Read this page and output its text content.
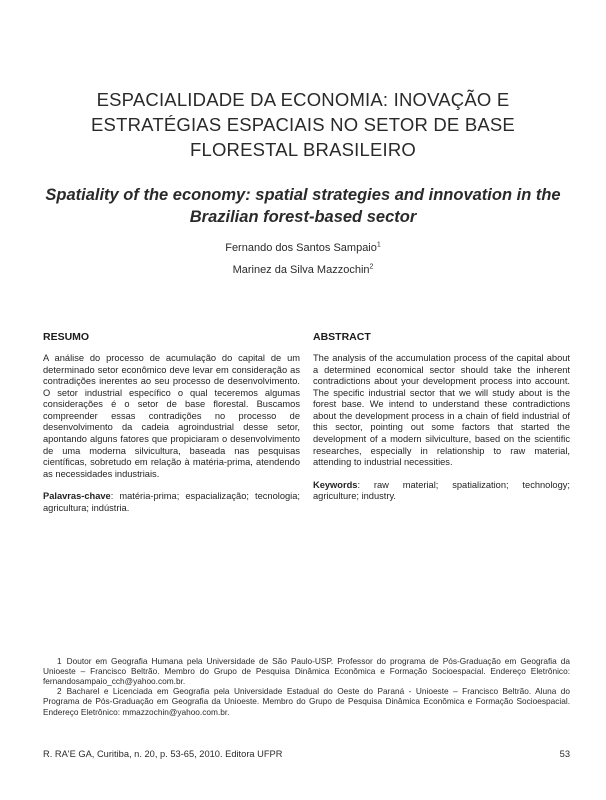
ESPACIALIDADE DA ECONOMIA: INOVAÇÃO E ESTRATÉGIAS ESPACIAIS NO SETOR DE BASE FLORESTAL BRASILEIRO
Spatiality of the economy: spatial strategies and innovation in the Brazilian forest-based sector
Fernando dos Santos Sampaio$^1$
Marinez da Silva Mazzochin$^2$

RESUMO

A análise do processo de acumulação do capital de um determinado setor econômico deve levar em consideração as contradições inerentes ao seu processo de desenvolvimento. O setor industrial específico o qual teceremos algumas considerações é o setor de base florestal. Buscamos compreender essas contradições no processo de desenvolvimento da cadeia agroindustrial desse setor, apontando alguns fatores que propiciaram o desenvolvimento de uma moderna silvicultura, baseada nas pesquisas científicas, sobretudo em relação à matéria-prima, atendendo as necessidades industriais.

Palavras-chave: matéria-prima; espacialização; tecnologia; agricultura; indústria.

ABSTRACT

The analysis of the accumulation process of the capital about a determined economical sector should take the inherent contradictions about your development process into account. The specific industrial sector that we will study about is the forest base. We intend to understand these contradictions about the development process in a chain of field industrial of this sector, pointing out some factors that started the development of a modern silviculture, based on the scientific researches, especially in relationship to raw material, attending to industrial necessities.

Keywords: raw material; spatialization; technology; agriculture; industry.

1 Doutor em Geografia Humana pela Universidade de São Paulo-USP. Professor do programa de Pós-Graduação em Geografia da Unioeste – Francisco Beltrão. Membro do Grupo de Pesquisa Dinâmica Econômica e Formação Socioespacial. Endereço Eletrônico: fernandosampaio_cch@yahoo.com.br.

2 Bacharel e Licenciada em Geografia pela Universidade Estadual do Oeste do Paraná - Unioeste – Francisco Beltrão. Aluna do Programa de Pós-Graduação em Geografia da Unioeste. Membro do Grupo de Pesquisa Dinâmica Econômica e Formação Socioespacial. Endereço Eletrônico: mmazzochin@yahoo.com.br.

R. RA'E GA, Curitiba, n. 20, p. 53-65, 2010. Editora UFPR	53
